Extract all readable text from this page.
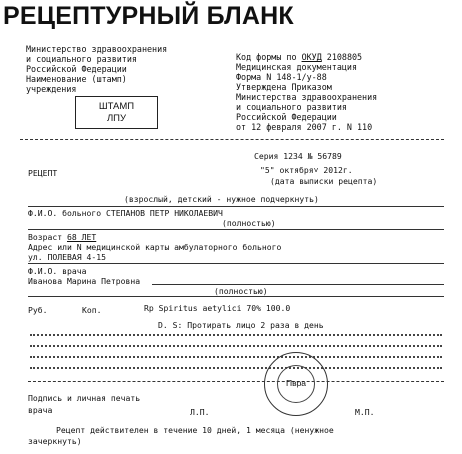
РЕЦЕПТУРНЫЙ БЛАНК
Министерство здравоохранения
и социального развития
Российской Федерации
Наименование (штамп)
учреждения
Код формы по ОКУД 2108805
Медицинская документация
Форма N 148-1/у-88
Утверждена Приказом
Министерства здравоохранения
и социального развития
Российской Федерации
от 12 февраля 2007 г. N 110
ШТАМП
ЛПУ
Серия 1234 № 56789
РЕЦЕПТ	"5" октября˅ 2012г.
(дата выписки рецепта)
(взрослый, детский - нужное подчеркнуть)
Ф.И.О. больного СТЕПАНОВ ПЕТР НИКОЛАЕВИЧ
(полностью)
Возраст 68 ЛЕТ
Адрес или N медицинской карты амбулаторного больного
ул. ПОЛЕВАЯ 4-15
Ф.И.О. врача
Иванова Марина Петровна
(полностью)
Руб.	Коп.	Rp Spiritus aetylici 70% 100.0
D. S: Протирать лицо 2 раза в день
Пвра
Подпись и личная печать
врача	Л.П.	М.П.
Рецепт действителен в течение 10 дней, 1 месяца (ненужное
зачеркнуть)
